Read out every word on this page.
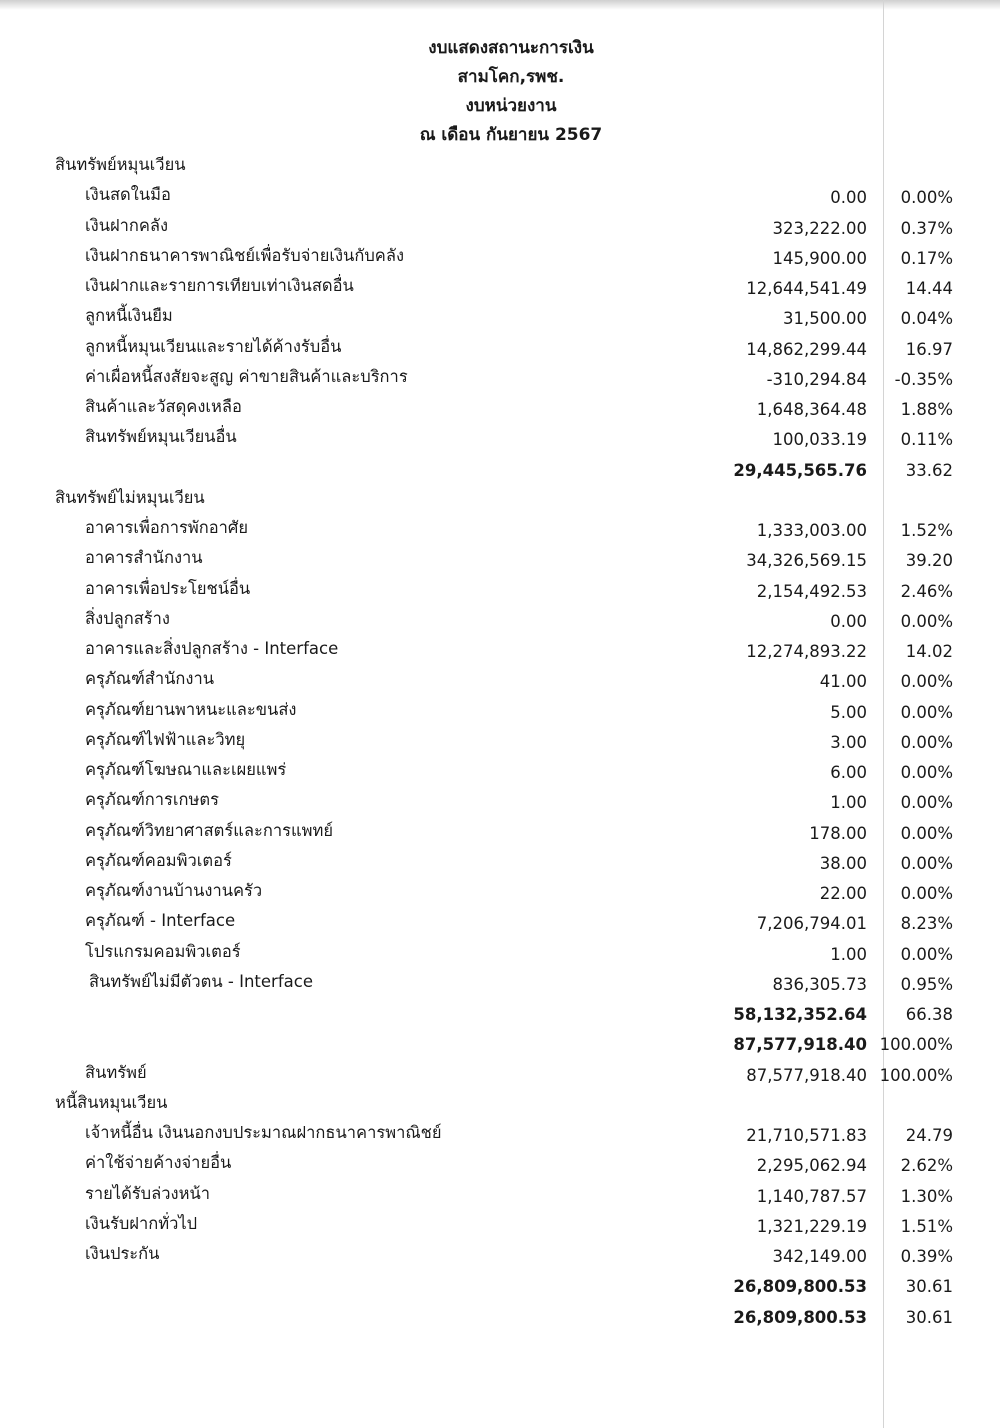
งบแสดงสถานะการเงิน
สามโคก,รพช.
งบหน่วยงาน
ณ เดือน กันยายน 2567
สินทรัพย์หมุนเวียน
เงินสดในมือ	0.00 0.00%
เงินฝากคลัง	323,222.00 0.37%
เงินฝากธนาคารพาณิชย์เพื่อรับจ่ายเงินกับคลัง	145,900.00 0.17%
เงินฝากและรายการเทียบเท่าเงินสดอื่น	12,644,541.49 14.44
ลูกหนี้เงินยืม	31,500.00 0.04%
ลูกหนี้หมุนเวียนและรายได้ค้างรับอื่น	14,862,299.44 16.97
ค่าเผื่อหนี้สงสัยจะสูญ ค่าขายสินค้าและบริการ	-310,294.84 -0.35%
สินค้าและวัสดุคงเหลือ	1,648,364.48 1.88%
สินทรัพย์หมุนเวียนอื่น	100,033.19 0.11%
29,445,565.76 33.62
สินทรัพย์ไม่หมุนเวียน
อาคารเพื่อการพักอาศัย	1,333,003.00 1.52%
อาคารสำนักงาน	34,326,569.15 39.20
อาคารเพื่อประโยชน์อื่น	2,154,492.53 2.46%
สิ่งปลูกสร้าง	0.00 0.00%
อาคารและสิ่งปลูกสร้าง - Interface	12,274,893.22 14.02
ครุภัณฑ์สำนักงาน	41.00 0.00%
ครุภัณฑ์ยานพาหนะและขนส่ง	5.00 0.00%
ครุภัณฑ์ไฟฟ้าและวิทยุ	3.00 0.00%
ครุภัณฑ์โฆษณาและเผยแพร่	6.00 0.00%
ครุภัณฑ์การเกษตร	1.00 0.00%
ครุภัณฑ์วิทยาศาสตร์และการแพทย์	178.00 0.00%
ครุภัณฑ์คอมพิวเตอร์	38.00 0.00%
ครุภัณฑ์งานบ้านงานครัว	22.00 0.00%
ครุภัณฑ์ - Interface	7,206,794.01 8.23%
โปรแกรมคอมพิวเตอร์	1.00 0.00%
สินทรัพย์ไม่มีตัวตน - Interface	836,305.73 0.95%
58,132,352.64 66.38
87,577,918.40 100.00%
สินทรัพย์	87,577,918.40 100.00%
หนี้สินหมุนเวียน
เจ้าหนี้อื่น เงินนอกงบประมาณฝากธนาคารพาณิชย์	21,710,571.83 24.79
ค่าใช้จ่ายค้างจ่ายอื่น	2,295,062.94 2.62%
รายได้รับล่วงหน้า	1,140,787.57 1.30%
เงินรับฝากทั่วไป	1,321,229.19 1.51%
เงินประกัน	342,149.00 0.39%
26,809,800.53 30.61
26,809,800.53 30.61
